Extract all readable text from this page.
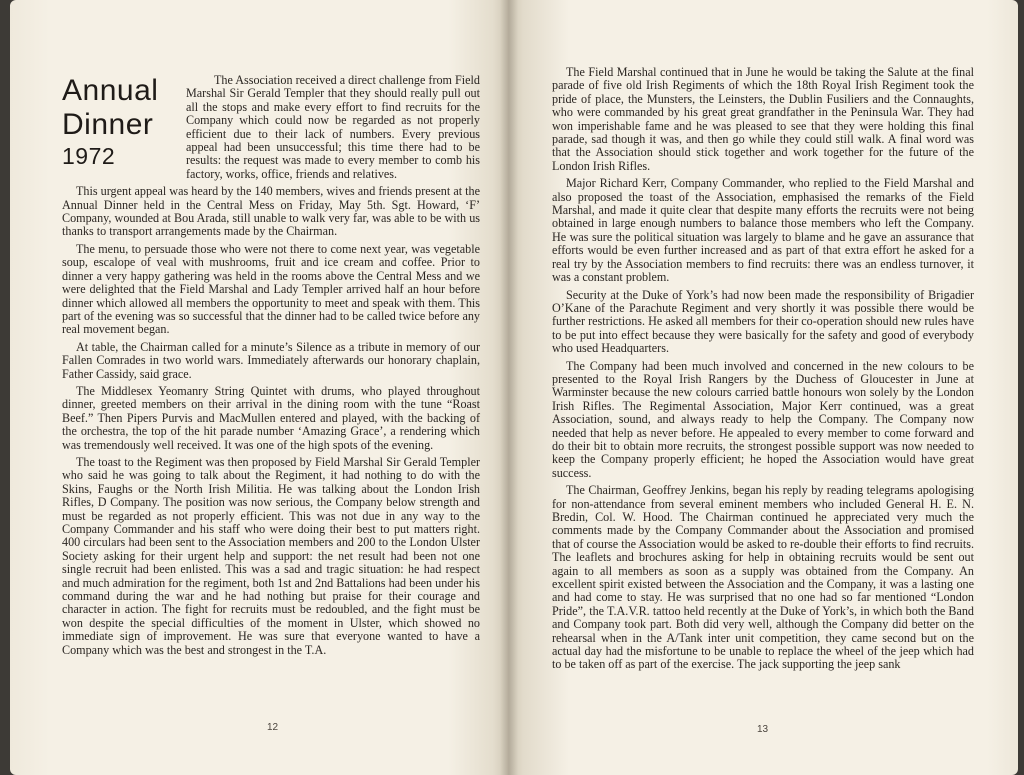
Annual
Dinner
1972

The Association received a direct challenge from Field Marshal Sir Gerald Templer that they should really pull out all the stops and make every effort to find recruits for the Company which could now be regarded as not properly efficient due to their lack of numbers. Every previous appeal had been unsuccessful; this time there had to be results: the request was made to every member to comb his factory, works, office, friends and relatives.

This urgent appeal was heard by the 140 members, wives and friends present at the Annual Dinner held in the Central Mess on Friday, May 5th. Sgt. Howard, ‘F’ Company, wounded at Bou Arada, still unable to walk very far, was able to be with us thanks to transport arrangements made by the Chairman.

The menu, to persuade those who were not there to come next year, was vegetable soup, escalope of veal with mushrooms, fruit and ice cream and coffee. Prior to dinner a very happy gathering was held in the rooms above the Central Mess and we were delighted that the Field Marshal and Lady Templer arrived half an hour before dinner which allowed all members the opportunity to meet and speak with them. This part of the evening was so successful that the dinner had to be called twice before any real movement began.

At table, the Chairman called for a minute’s Silence as a tribute in memory of our Fallen Comrades in two world wars. Immediately afterwards our honorary chaplain, Father Cassidy, said grace.

The Middlesex Yeomanry String Quintet with drums, who played throughout dinner, greeted members on their arrival in the dining room with the tune “Roast Beef.” Then Pipers Purvis and MacMullen entered and played, with the backing of the orchestra, the top of the hit parade number ‘Amazing Grace’, a rendering which was tremendously well received. It was one of the high spots of the evening.

The toast to the Regiment was then proposed by Field Marshal Sir Gerald Templer who said he was going to talk about the Regiment, it had nothing to do with the Skins, Faughs or the North Irish Militia. He was talking about the London Irish Rifles, D Company. The position was now serious, the Company below strength and must be regarded as not properly efficient. This was not due in any way to the Company Commander and his staff who were doing their best to put matters right. 400 circulars had been sent to the Association members and 200 to the London Ulster Society asking for their urgent help and support: the net result had been not one single recruit had been enlisted. This was a sad and tragic situation: he had respect and much admiration for the regiment, both 1st and 2nd Battalions had been under his command during the war and he had nothing but praise for their courage and character in action. The fight for recruits must be redoubled, and the fight must be won despite the special difficulties of the moment in Ulster, which showed no immediate sign of improvement. He was sure that everyone wanted to have a Company which was the best and strongest in the T.A.

12

The Field Marshal continued that in June he would be taking the Salute at the final parade of five old Irish Regiments of which the 18th Royal Irish Regiment took the pride of place, the Munsters, the Leinsters, the Dublin Fusiliers and the Connaughts, who were commanded by his great great grandfather in the Peninsula War. They had won imperishable fame and he was pleased to see that they were holding this final parade, sad though it was, and then go while they could still walk. A final word was that the Association should stick together and work together for the future of the London Irish Rifles.

Major Richard Kerr, Company Commander, who replied to the Field Marshal and also proposed the toast of the Association, emphasised the remarks of the Field Marshal, and made it quite clear that despite many efforts the recruits were not being obtained in large enough numbers to balance those members who left the Company. He was sure the political situation was largely to blame and he gave an assurance that efforts would be even further increased and as part of that extra effort he asked for a real try by the Association members to find recruits: there was an endless turnover, it was a constant problem.

Security at the Duke of York’s had now been made the responsibility of Brigadier O’Kane of the Parachute Regiment and very shortly it was possible there would be further restrictions. He asked all members for their co-operation should new rules have to be put into effect because they were basically for the safety and good of everybody who used Headquarters.

The Company had been much involved and concerned in the new colours to be presented to the Royal Irish Rangers by the Duchess of Gloucester in June at Warminster because the new colours carried battle honours won solely by the London Irish Rifles. The Regimental Association, Major Kerr continued, was a great Association, sound, and always ready to help the Company. The Company now needed that help as never before. He appealed to every member to come forward and do their bit to obtain more recruits, the strongest possible support was now needed to keep the Company properly efficient; he hoped the Association would have great success.

The Chairman, Geoffrey Jenkins, began his reply by reading telegrams apologising for non-attendance from several eminent members who included General H. E. N. Bredin, Col. W. Hood. The Chairman continued he appreciated very much the comments made by the Company Commander about the Association and promised that of course the Association would be asked to re-double their efforts to find recruits. The leaflets and brochures asking for help in obtaining recruits would be sent out again to all members as soon as a supply was obtained from the Company. An excellent spirit existed between the Association and the Company, it was a lasting one and had come to stay. He was surprised that no one had so far mentioned “London Pride”, the T.A.V.R. tattoo held recently at the Duke of York’s, in which both the Band and Company took part. Both did very well, although the Company did better on the rehearsal when in the A/Tank inter unit competition, they came second but on the actual day had the misfortune to be unable to replace the wheel of the jeep which had to be taken off as part of the exercise. The jack supporting the jeep sank

13
